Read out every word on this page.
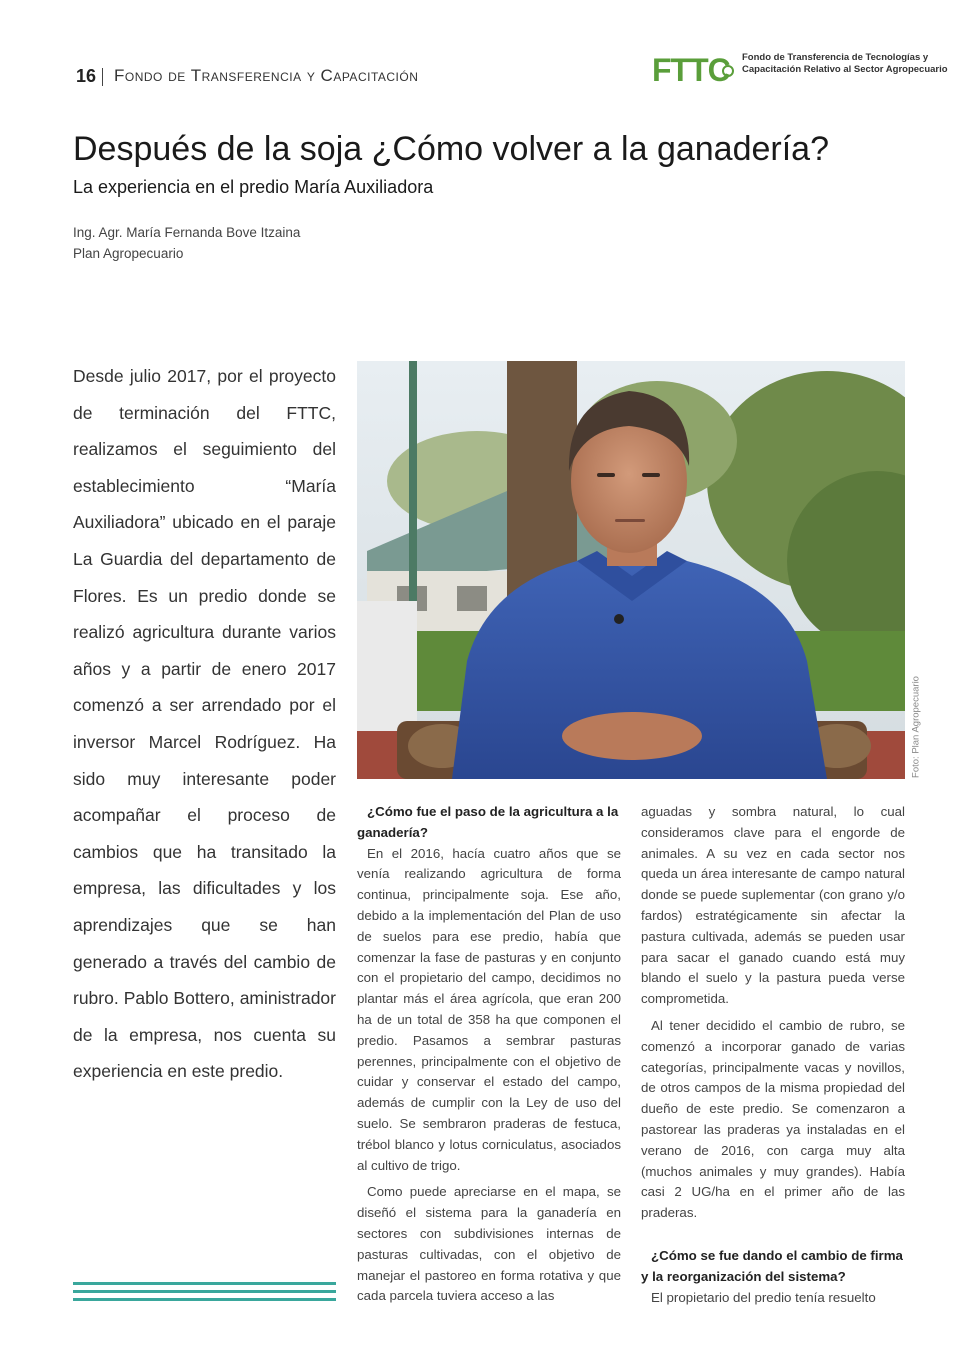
16 Fondo de Transferencia y Capacitación	FTTC Fondo de Transferencia de Tecnologías y
Capacitación Relativo al Sector Agropecuario
Después de la soja ¿Cómo volver a la ganadería?
La experiencia en el predio María Auxiliadora
Ing. Agr. María Fernanda Bove Itzaina
Plan Agropecuario

Desde julio 2017, por el proyecto de terminación del FTTC, realizamos el seguimiento del establecimiento “María Auxiliadora” ubicado en el paraje La Guardia del departamento de Flores. Es un predio donde se realizó agricultura durante varios años y a partir de enero 2017 comenzó a ser arrendado por el inversor Marcel Rodríguez. Ha sido muy interesante poder acompañar el proceso de cambios que ha transitado la empresa, las dificultades y los aprendizajes que se han generado a través del cambio de rubro. Pablo Bottero, aministrador de la empresa, nos cuenta su experiencia en este predio.

Foto: Plan Agropecuario
¿Cómo fue el paso de la agricultura a la ganadería?

En el 2016, hacía cuatro años que se venía realizando agricultura de forma continua, principalmente soja. Ese año, debido a la implementación del Plan de uso de suelos para ese predio, había que comenzar la fase de pasturas y en conjunto con el propietario del campo, decidimos no plantar más el área agrícola, que eran 200 ha de un total de 358 ha que componen el predio. Pasamos a sembrar pasturas perennes, principalmente con el objetivo de cuidar y conservar el estado del campo, además de cumplir con la Ley de uso del suelo. Se sembraron praderas de festuca, trébol blanco y lotus corniculatus, asociados al cultivo de trigo.

Como puede apreciarse en el mapa, se diseñó el sistema para la ganadería en sectores con subdivisiones internas de pasturas cultivadas, con el objetivo de manejar el pastoreo en forma rotativa y que cada parcela tuviera acceso a las

aguadas y sombra natural, lo cual consideramos clave para el engorde de animales. A su vez en cada sector nos queda un área interesante de campo natural donde se puede suplementar (con grano y/o fardos) estratégicamente sin afectar la pastura cultivada, además se pueden usar para sacar el ganado cuando está muy blando el suelo y la pastura pueda verse comprometida.

Al tener decidido el cambio de rubro, se comenzó a incorporar ganado de varias categorías, principalmente vacas y novillos, de otros campos de la misma propiedad del dueño de este predio. Se comenzaron a pastorear las praderas ya instaladas en el verano de 2016, con carga muy alta (muchos animales y muy grandes). Había casi 2 UG/ha en el primer año de las praderas.

¿Cómo se fue dando el cambio de firma y la reorganización del sistema?

El propietario del predio tenía resuelto
